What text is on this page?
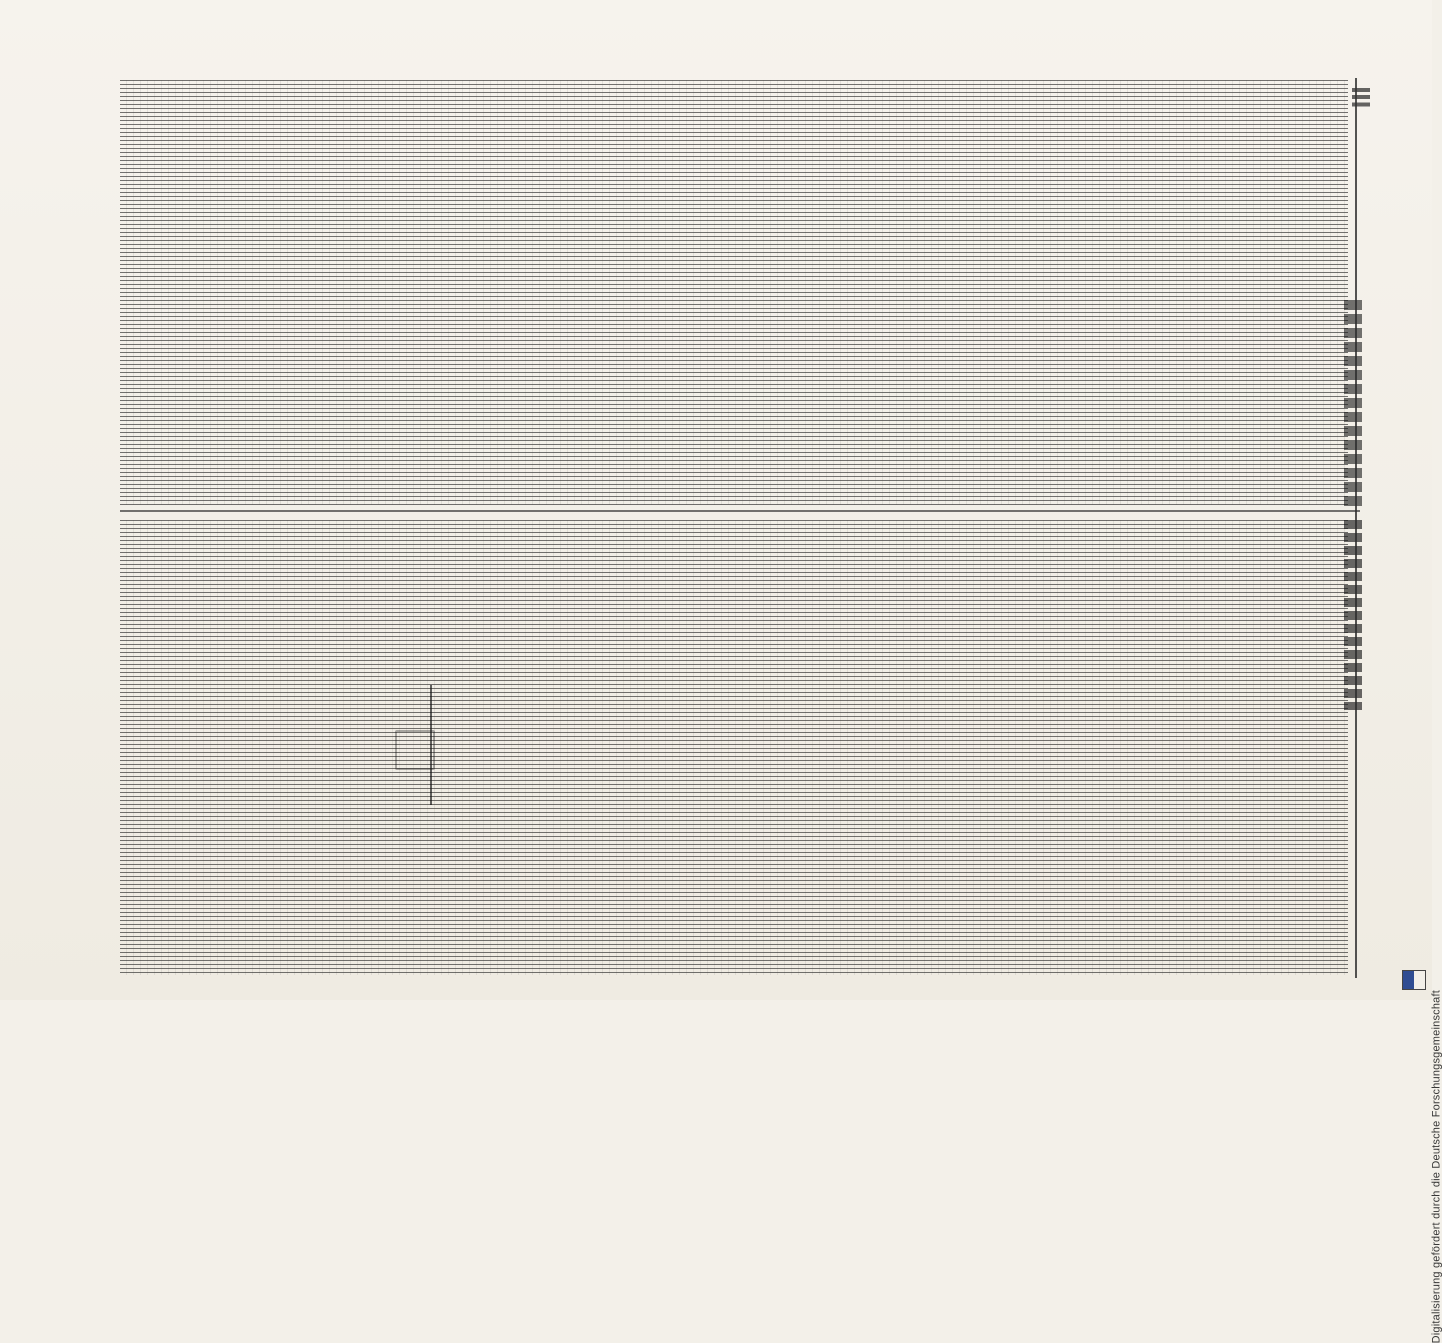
Digitalisierung gefördert durch die Deutsche Forschungsgemeinschaft
